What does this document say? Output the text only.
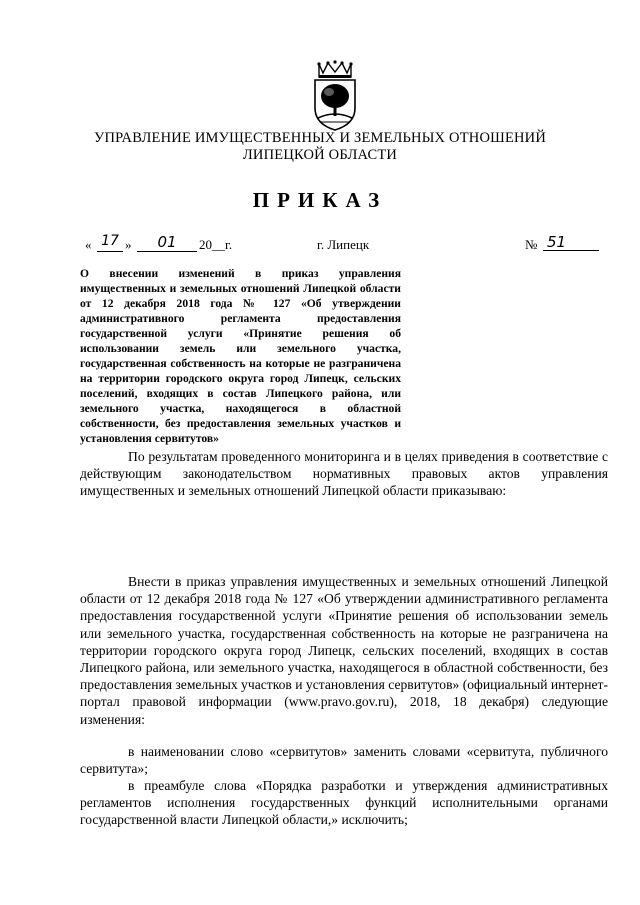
УПРАВЛЕНИЕ ИМУЩЕСТВЕННЫХ И ЗЕМЕЛЬНЫХ ОТНОШЕНИЙ
ЛИПЕЦКОЙ ОБЛАСТИ
ПРИКАЗ
« 17 »	01	20__г.	г. Липецк	№ 51
О внесении изменений в приказ управления имущественных и земельных отношений Липецкой области от 12 декабря 2018 года № 127 «Об утверждении административного регламента предоставления государственной услуги «Принятие решения об использовании земель или земельного участка, государственная собственность на которые не разграничена на территории городского округа город Липецк, сельских поселений, входящих в состав Липецкого района, или земельного участка, находящегося в областной собственности, без предоставления земельных участков и установления сервитутов»
По результатам проведенного мониторинга и в целях приведения в соответствие с действующим законодательством нормативных правовых актов управления имущественных и земельных отношений Липецкой области приказываю:
Внести в приказ управления имущественных и земельных отношений Липецкой области от 12 декабря 2018 года № 127 «Об утверждении административного регламента предоставления государственной услуги «Принятие решения об использовании земель или земельного участка, государственная собственность на которые не разграничена на территории городского округа город Липецк, сельских поселений, входящих в состав Липецкого района, или земельного участка, находящегося в областной собственности, без предоставления земельных участков и установления сервитутов» (официальный интернет-портал правовой информации (www.pravo.gov.ru), 2018, 18 декабря) следующие изменения:
в наименовании слово «сервитутов» заменить словами «сервитута, публичного сервитута»;
в преамбуле слова «Порядка разработки и утверждения административных регламентов исполнения государственных функций исполнительными органами государственной власти Липецкой области,» исключить;
